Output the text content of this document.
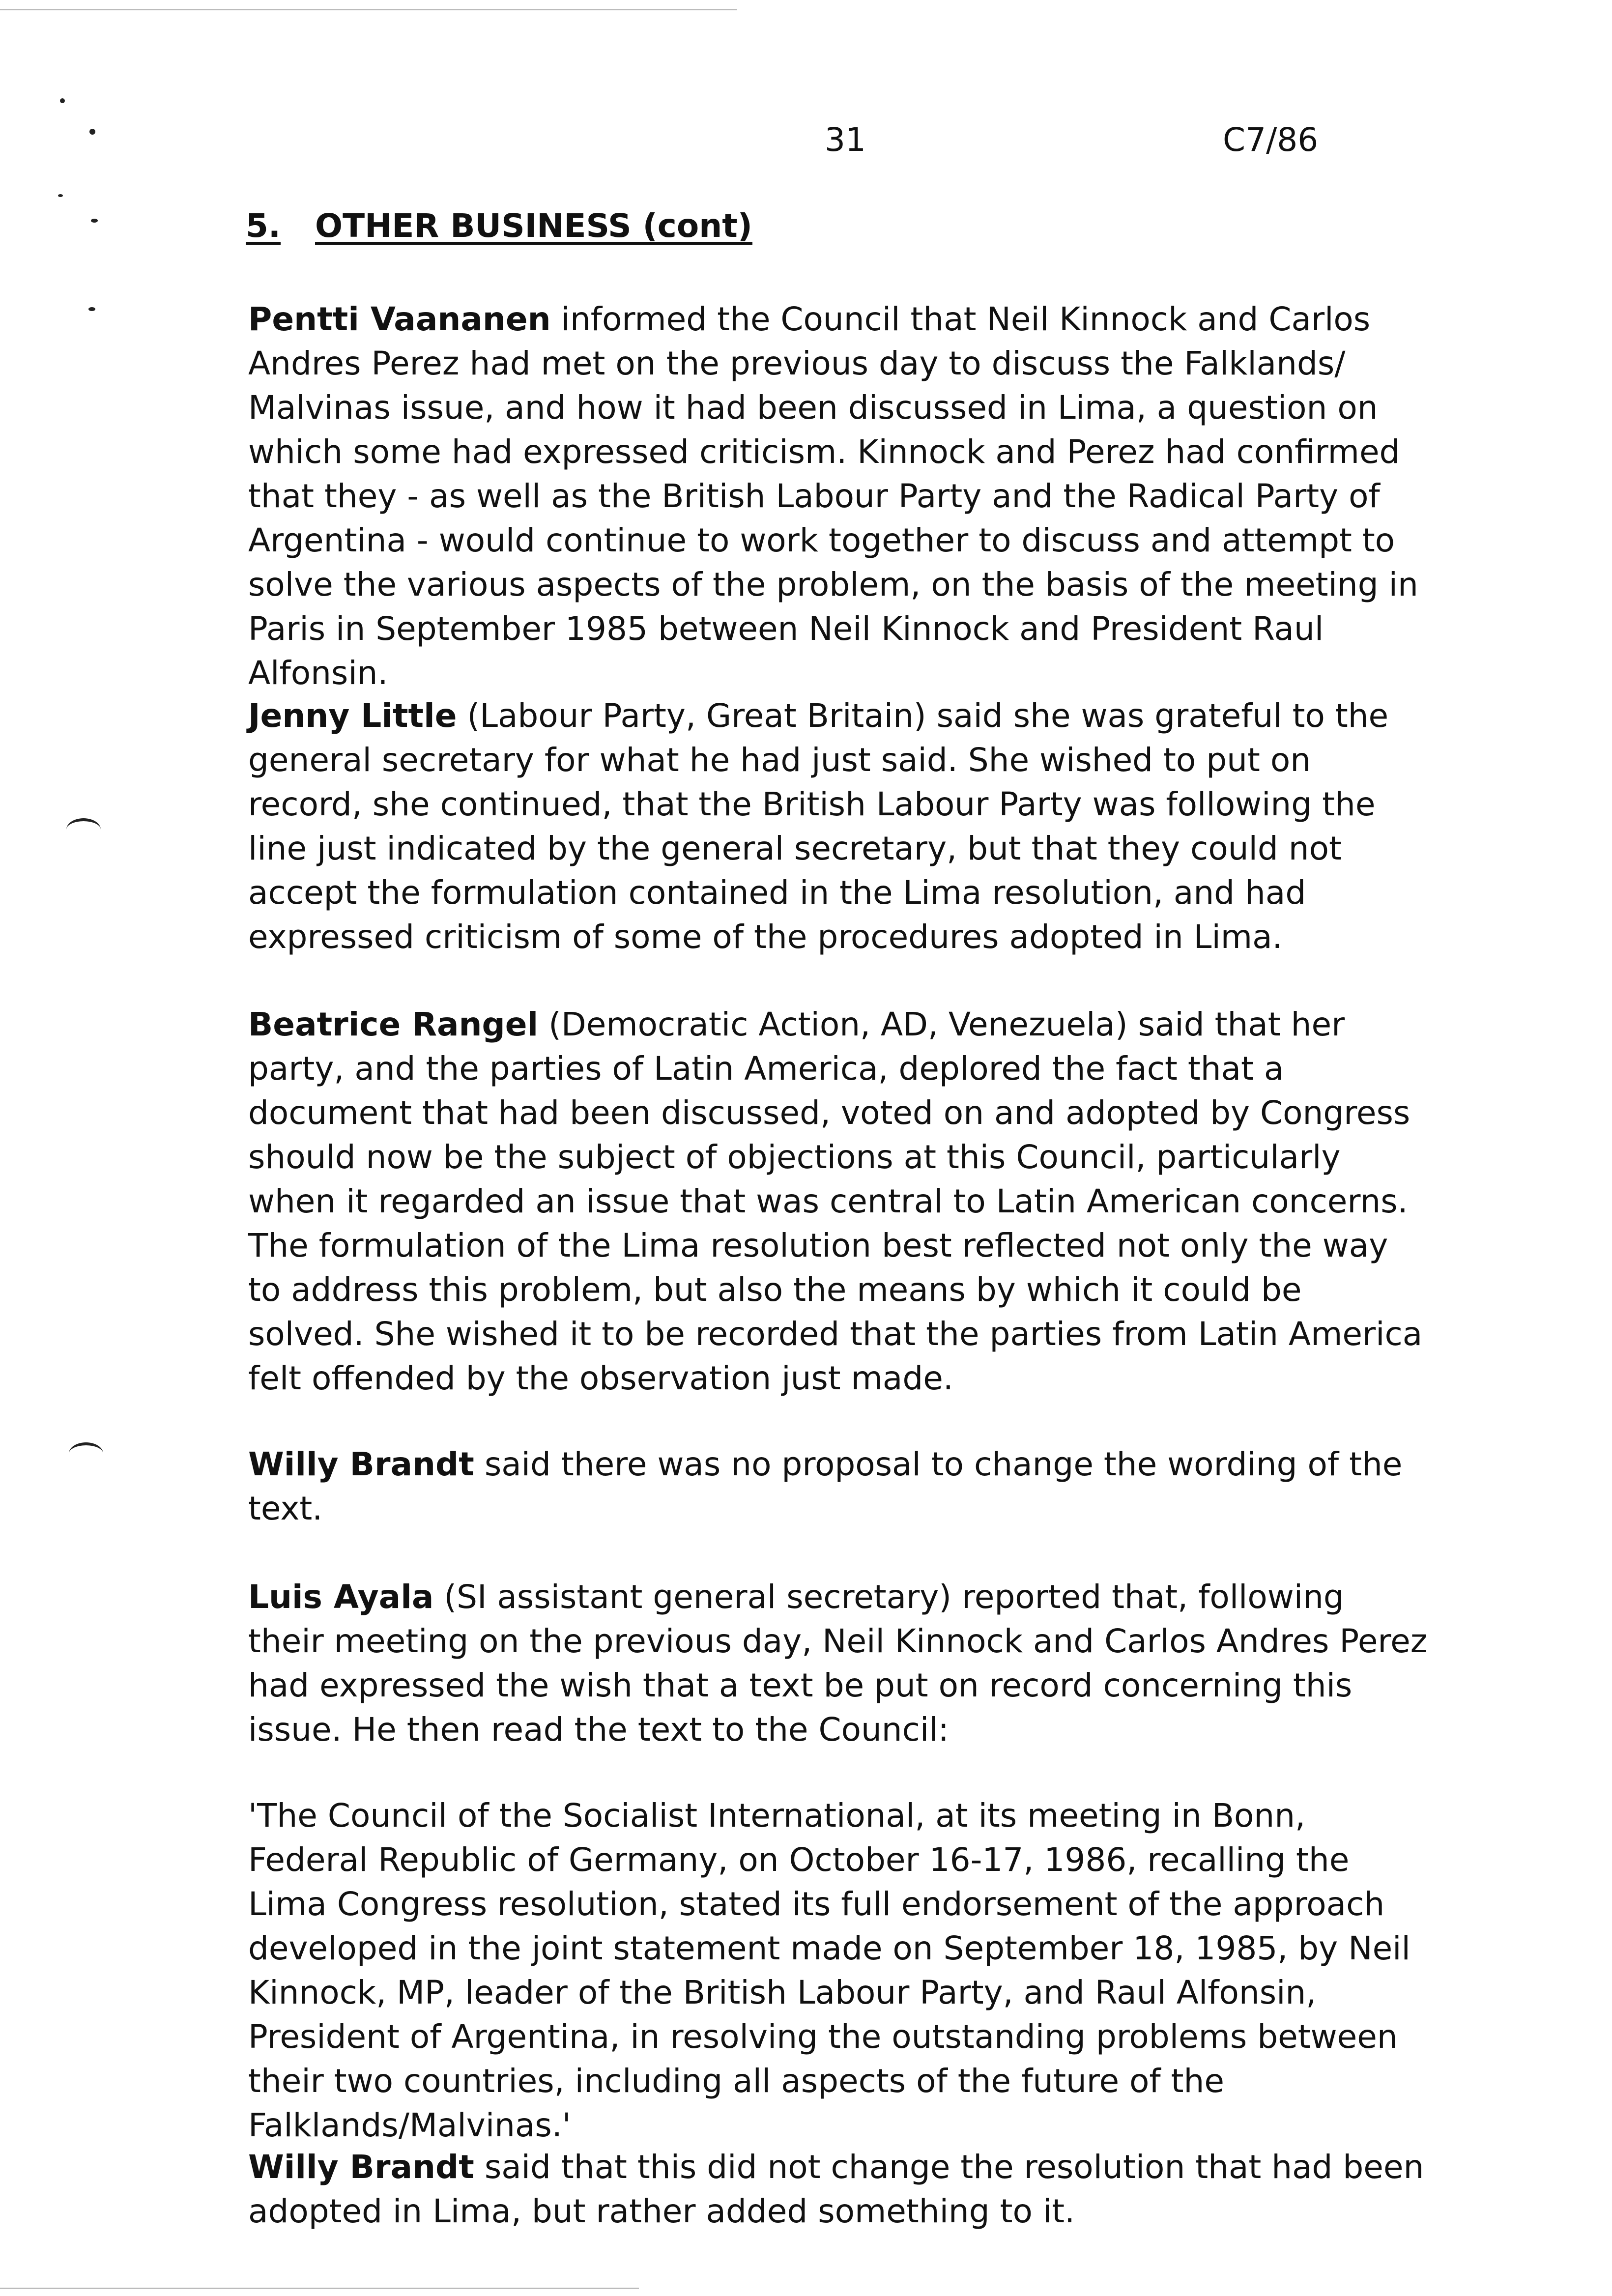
31	C7/86
5. OTHER BUSINESS (cont)

Pentti Vaananen informed the Council that Neil Kinnock and Carlos Andres Perez had met on the previous day to discuss the Falklands/ Malvinas issue, and how it had been discussed in Lima, a question on which some had expressed criticism. Kinnock and Perez had confirmed that they - as well as the British Labour Party and the Radical Party of Argentina - would continue to work together to discuss and attempt to solve the various aspects of the problem, on the basis of the meeting in Paris in September 1985 between Neil Kinnock and President Raul Alfonsin.

Jenny Little (Labour Party, Great Britain) said she was grateful to the general secretary for what he had just said. She wished to put on record, she continued, that the British Labour Party was following the line just indicated by the general secretary, but that they could not accept the formulation contained in the Lima resolution, and had expressed criticism of some of the procedures adopted in Lima.

Beatrice Rangel (Democratic Action, AD, Venezuela) said that her party, and the parties of Latin America, deplored the fact that a document that had been discussed, voted on and adopted by Congress should now be the subject of objections at this Council, particularly when it regarded an issue that was central to Latin American concerns. The formulation of the Lima resolution best reflected not only the way to address this problem, but also the means by which it could be solved. She wished it to be recorded that the parties from Latin America felt offended by the observation just made.

Willy Brandt said there was no proposal to change the wording of the text.

Luis Ayala (SI assistant general secretary) reported that, following their meeting on the previous day, Neil Kinnock and Carlos Andres Perez had expressed the wish that a text be put on record concerning this issue. He then read the text to the Council:

'The Council of the Socialist International, at its meeting in Bonn, Federal Republic of Germany, on October 16-17, 1986, recalling the Lima Congress resolution, stated its full endorsement of the approach developed in the joint statement made on September 18, 1985, by Neil Kinnock, MP, leader of the British Labour Party, and Raul Alfonsin, President of Argentina, in resolving the outstanding problems between their two countries, including all aspects of the future of the Falklands/Malvinas.'

Willy Brandt said that this did not change the resolution that had been adopted in Lima, but rather added something to it.
